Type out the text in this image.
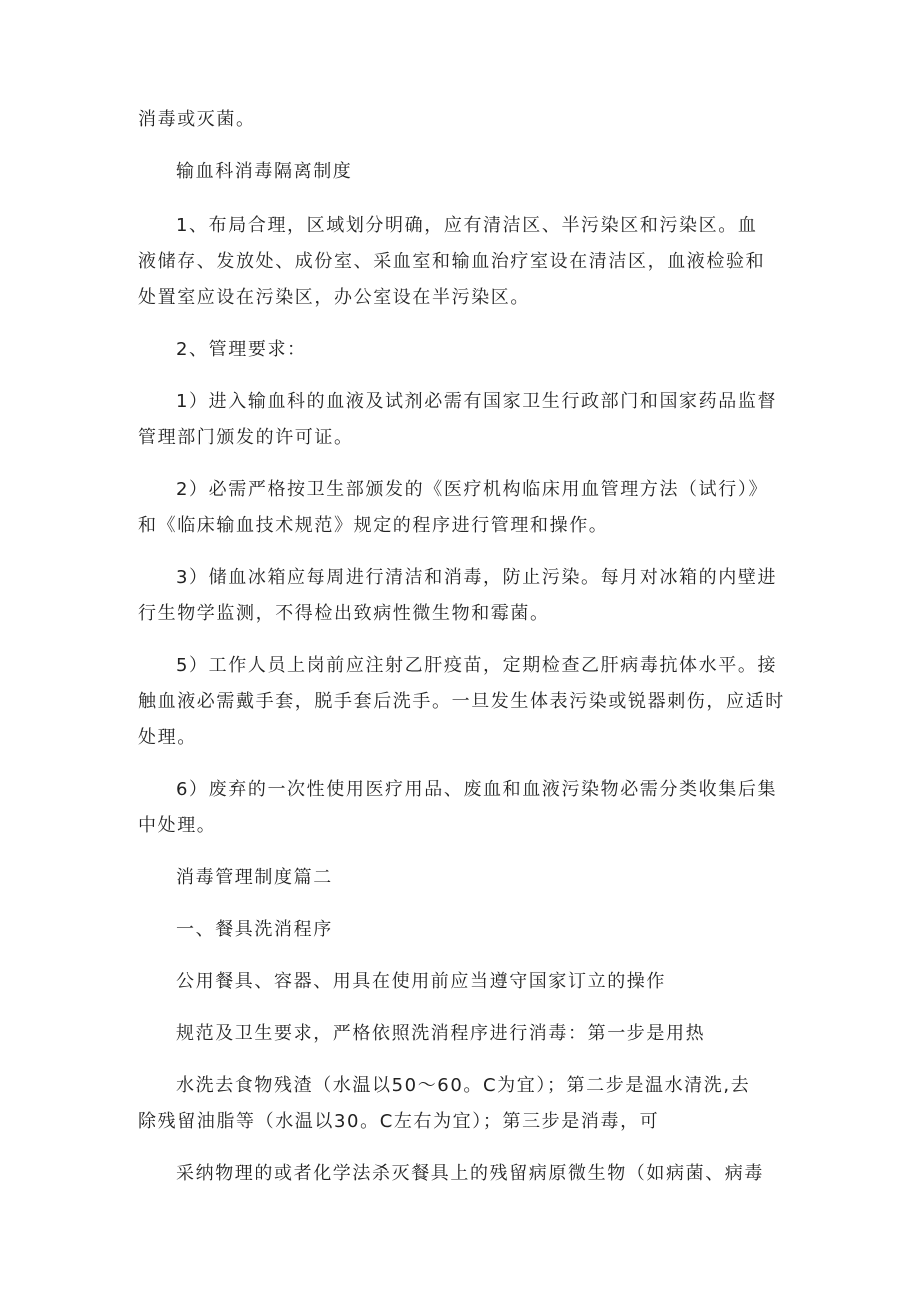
消毒或灭菌。
输血科消毒隔离制度
1、布局合理，区域划分明确，应有清洁区、半污染区和污染区。血
液储存、发放处、成份室、采血室和输血治疗室设在清洁区，血液检验和
处置室应设在污染区，办公室设在半污染区。
2、管理要求：
1）进入输血科的血液及试剂必需有国家卫生行政部门和国家药品监督
管理部门颁发的许可证。
2）必需严格按卫生部颁发的《医疗机构临床用血管理方法（试行）》
和《临床输血技术规范》规定的程序进行管理和操作。
3）储血冰箱应每周进行清洁和消毒，防止污染。每月对冰箱的内壁进
行生物学监测，不得检出致病性微生物和霉菌。
5）工作人员上岗前应注射乙肝疫苗，定期检查乙肝病毒抗体水平。接
触血液必需戴手套，脱手套后洗手。一旦发生体表污染或锐器刺伤，应适时
处理。
6）废弃的一次性使用医疗用品、废血和血液污染物必需分类收集后集
中处理。
消毒管理制度篇二
一、餐具洗消程序
公用餐具、容器、用具在使用前应当遵守国家订立的操作
规范及卫生要求，严格依照洗消程序进行消毒：第一步是用热
水洗去食物残渣（水温以50～60。C为宜）；第二步是温水清洗,去
除残留油脂等（水温以30。C左右为宜）；第三步是消毒，可
采纳物理的或者化学法杀灭餐具上的残留病原微生物（如病菌、病毒
